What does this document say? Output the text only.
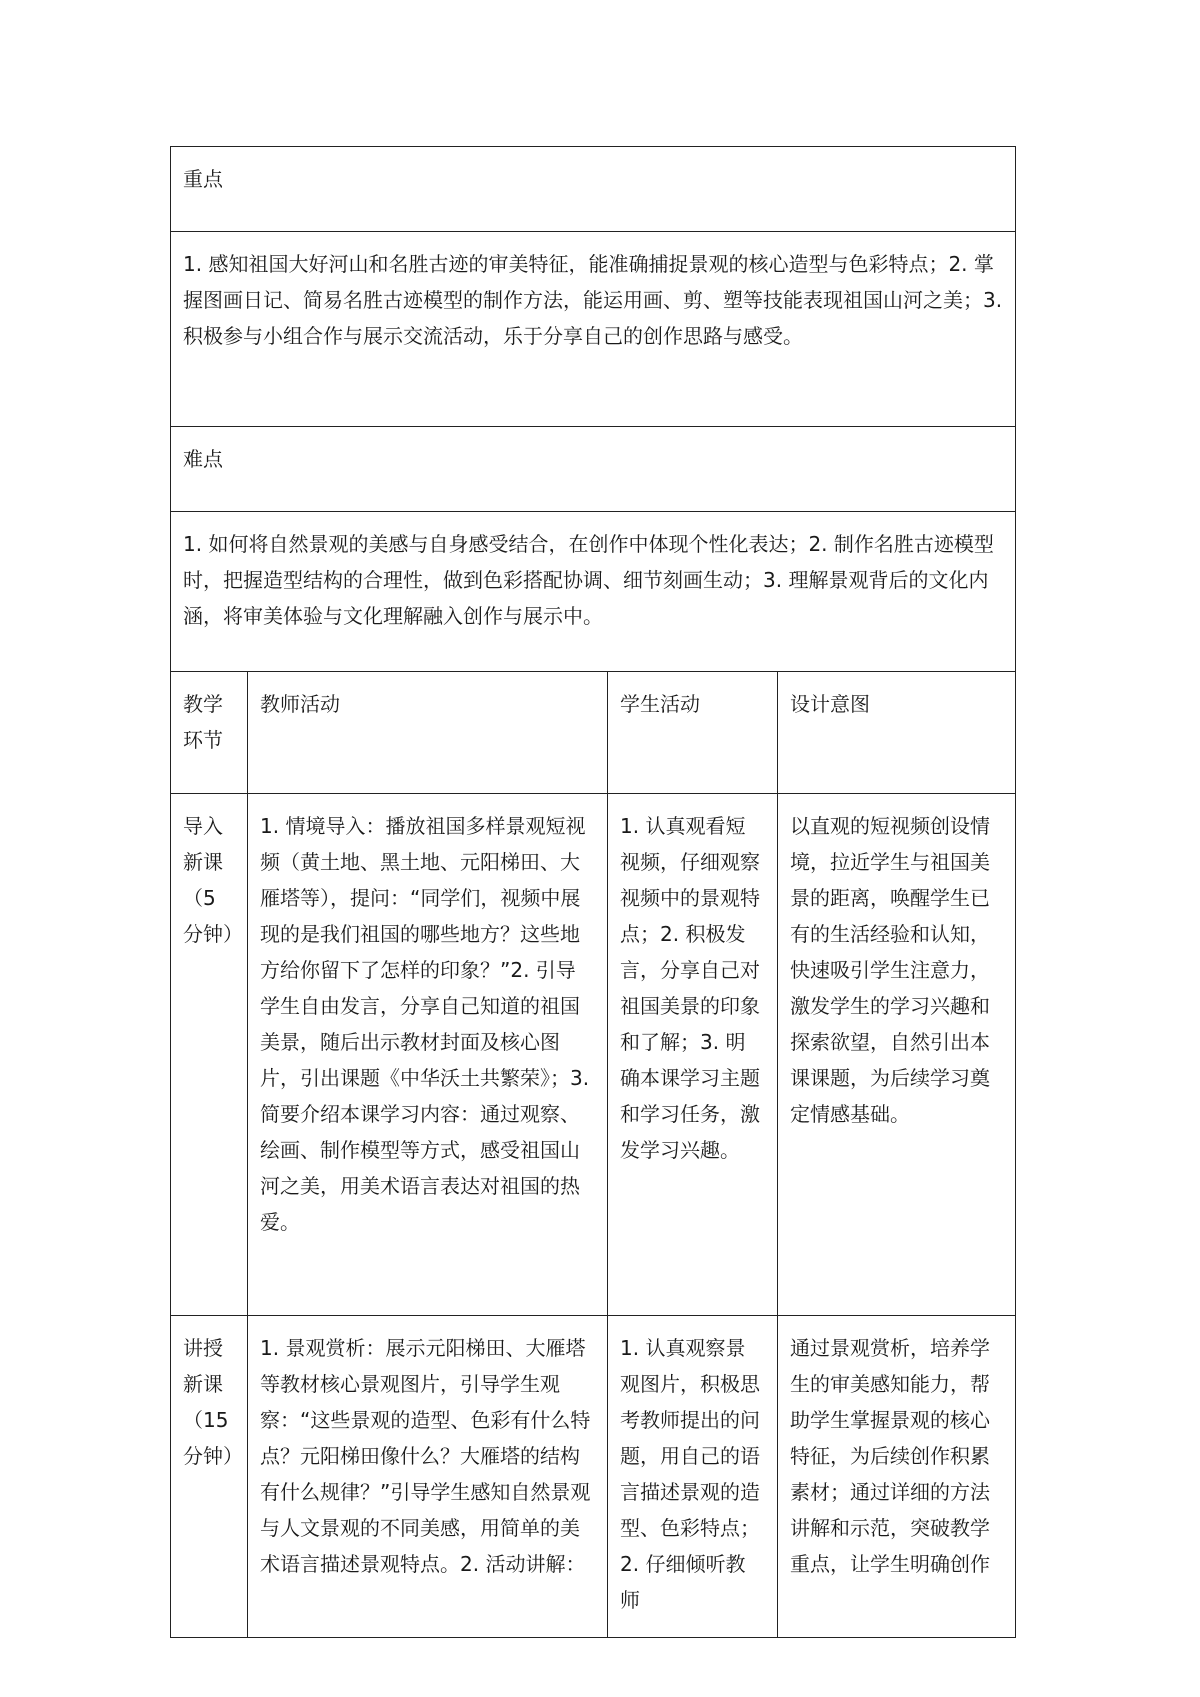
重点			
1. 感知祖国大好河山和名胜古迹的审美特征，能准确捕捉景观的核心造型与色彩特点；2. 掌握图画日记、简易名胜古迹模型的制作方法，能运用画、剪、塑等技能表现祖国山河之美；3. 积极参与小组合作与展示交流活动，乐于分享自己的创作思路与感受。			
难点			
1. 如何将自然景观的美感与自身感受结合，在创作中体现个性化表达；2. 制作名胜古迹模型时，把握造型结构的合理性，做到色彩搭配协调、细节刻画生动；3. 理解景观背后的文化内涵，将审美体验与文化理解融入创作与展示中。			
教学环节	教师活动	学生活动	设计意图
导入新课（5分钟）	1. 情境导入：播放祖国多样景观短视频（黄土地、黑土地、元阳梯田、大雁塔等），提问：“同学们，视频中展现的是我们祖国的哪些地方？这些地方给你留下了怎样的印象？”2. 引导学生自由发言，分享自己知道的祖国美景，随后出示教材封面及核心图片，引出课题《中华沃土共繁荣》；3. 简要介绍本课学习内容：通过观察、绘画、制作模型等方式，感受祖国山河之美，用美术语言表达对祖国的热爱。	1. 认真观看短视频，仔细观察视频中的景观特点；2. 积极发言，分享自己对祖国美景的印象和了解；3. 明确本课学习主题和学习任务，激发学习兴趣。	以直观的短视频创设情境，拉近学生与祖国美景的距离，唤醒学生已有的生活经验和认知，快速吸引学生注意力，激发学生的学习兴趣和探索欲望，自然引出本课课题，为后续学习奠定情感基础。
讲授新课（15分钟）	1. 景观赏析：展示元阳梯田、大雁塔等教材核心景观图片，引导学生观察：“这些景观的造型、色彩有什么特点？元阳梯田像什么？大雁塔的结构有什么规律？”引导学生感知自然景观与人文景观的不同美感，用简单的美术语言描述景观特点。2. 活动讲解：	1. 认真观察景观图片，积极思考教师提出的问题，用自己的语言描述景观的造型、色彩特点；2. 仔细倾听教师	通过景观赏析，培养学生的审美感知能力，帮助学生掌握景观的核心特征，为后续创作积累素材；通过详细的方法讲解和示范，突破教学重点，让学生明确创作
